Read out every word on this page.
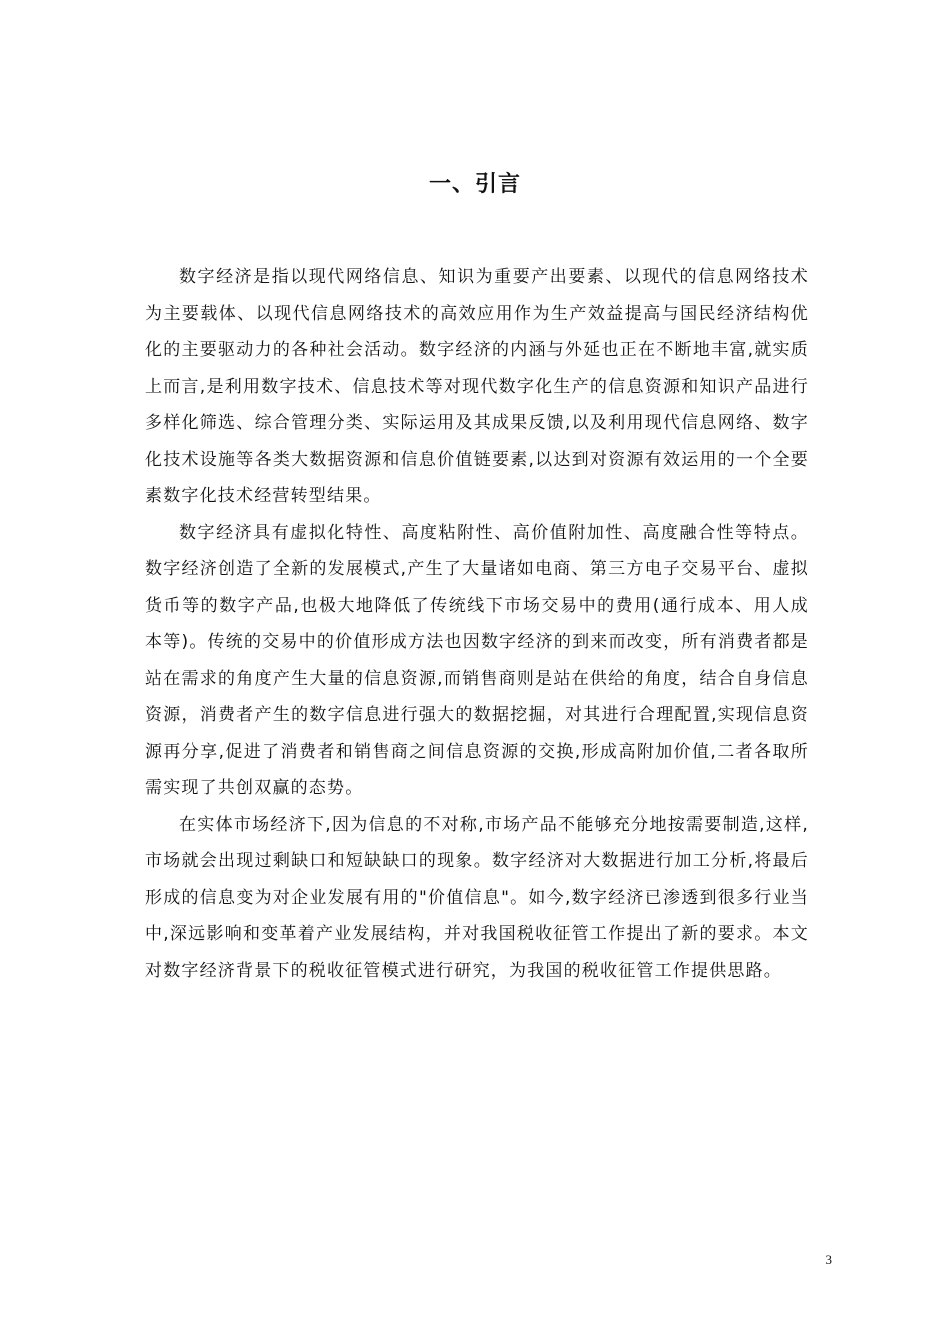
一、引言

数字经济是指以现代网络信息、知识为重要产出要素、以现代的信息网络技术为主要载体、以现代信息网络技术的高效应用作为生产效益提高与国民经济结构优化的主要驱动力的各种社会活动。数字经济的内涵与外延也正在不断地丰富,就实质上而言,是利用数字技术、信息技术等对现代数字化生产的信息资源和知识产品进行多样化筛选、综合管理分类、实际运用及其成果反馈,以及利用现代信息网络、数字化技术设施等各类大数据资源和信息价值链要素,以达到对资源有效运用的一个全要素数字化技术经营转型结果。

数字经济具有虚拟化特性、高度粘附性、高价值附加性、高度融合性等特点。数字经济创造了全新的发展模式,产生了大量诸如电商、第三方电子交易平台、虚拟货币等的数字产品,也极大地降低了传统线下市场交易中的费用(通行成本、用人成本等)。传统的交易中的价值形成方法也因数字经济的到来而改变，所有消费者都是站在需求的角度产生大量的信息资源,而销售商则是站在供给的角度，结合自身信息资源，消费者产生的数字信息进行强大的数据挖掘，对其进行合理配置,实现信息资源再分享,促进了消费者和销售商之间信息资源的交换,形成高附加价值,二者各取所需实现了共创双赢的态势。

在实体市场经济下,因为信息的不对称,市场产品不能够充分地按需要制造,这样,市场就会出现过剩缺口和短缺缺口的现象。数字经济对大数据进行加工分析,将最后形成的信息变为对企业发展有用的"价值信息"。如今,数字经济已渗透到很多行业当中,深远影响和变革着产业发展结构，并对我国税收征管工作提出了新的要求。本文对数字经济背景下的税收征管模式进行研究，为我国的税收征管工作提供思路。

3
